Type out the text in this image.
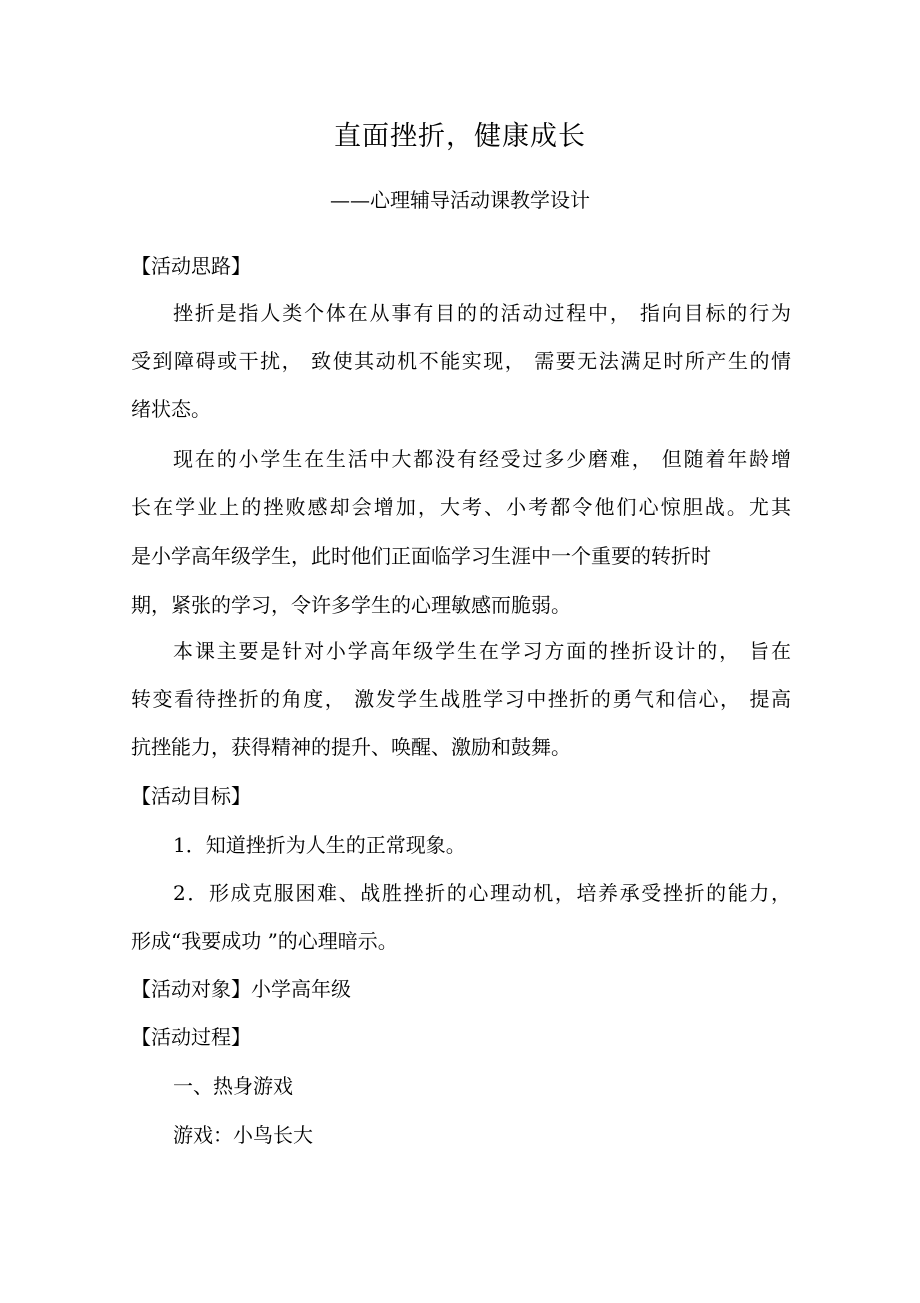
直面挫折，健康成长
——心理辅导活动课教学设计
【活动思路】
挫折是指人类个体在从事有目的的活动过程中， 指向目标的行为
受到障碍或干扰， 致使其动机不能实现， 需要无法满足时所产生的情
绪状态。
现在的小学生在生活中大都没有经受过多少磨难， 但随着年龄增
长在学业上的挫败感却会增加，大考、小考都令他们心惊胆战。尤其
是小学高年级学生，此时他们正面临学习生涯中一个重要的转折时
期，紧张的学习，令许多学生的心理敏感而脆弱。
本课主要是针对小学高年级学生在学习方面的挫折设计的， 旨在
转变看待挫折的角度， 激发学生战胜学习中挫折的勇气和信心， 提高
抗挫能力，获得精神的提升、唤醒、激励和鼓舞。
【活动目标】
1．知道挫折为人生的正常现象。
2．形成克服困难、战胜挫折的心理动机，培养承受挫折的能力，
形成“我要成功 ”的心理暗示。
【活动对象】小学高年级
【活动过程】
一、热身游戏
游戏：小鸟长大
